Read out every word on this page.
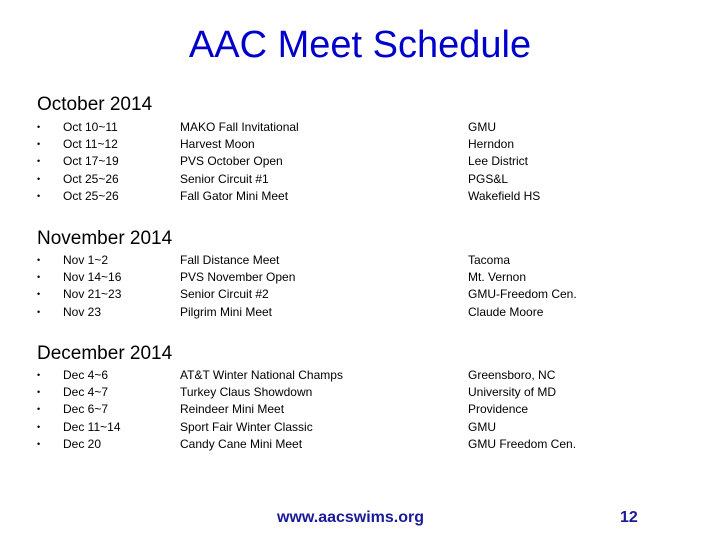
AAC Meet Schedule
October 2014
• Oct 10~11	MAKO Fall Invitational	GMU
• Oct 11~12	Harvest Moon	Herndon
• Oct 17~19	PVS October Open	Lee District
• Oct 25~26	Senior Circuit #1	PGS&L
• Oct 25~26	Fall Gator Mini Meet	Wakefield HS
November 2014
• Nov 1~2	Fall Distance Meet	Tacoma
• Nov 14~16	PVS November Open	Mt. Vernon
• Nov 21~23	Senior Circuit #2	GMU-Freedom Cen.
• Nov 23	Pilgrim Mini Meet	Claude Moore
December 2014
• Dec 4~6	AT&T Winter National Champs	Greensboro, NC
• Dec 4~7	Turkey Claus Showdown	University of MD
• Dec 6~7	Reindeer Mini Meet	Providence
• Dec 11~14	Sport Fair Winter Classic	GMU
• Dec 20	Candy Cane Mini Meet	GMU Freedom Cen.
www.aacswims.org	12
